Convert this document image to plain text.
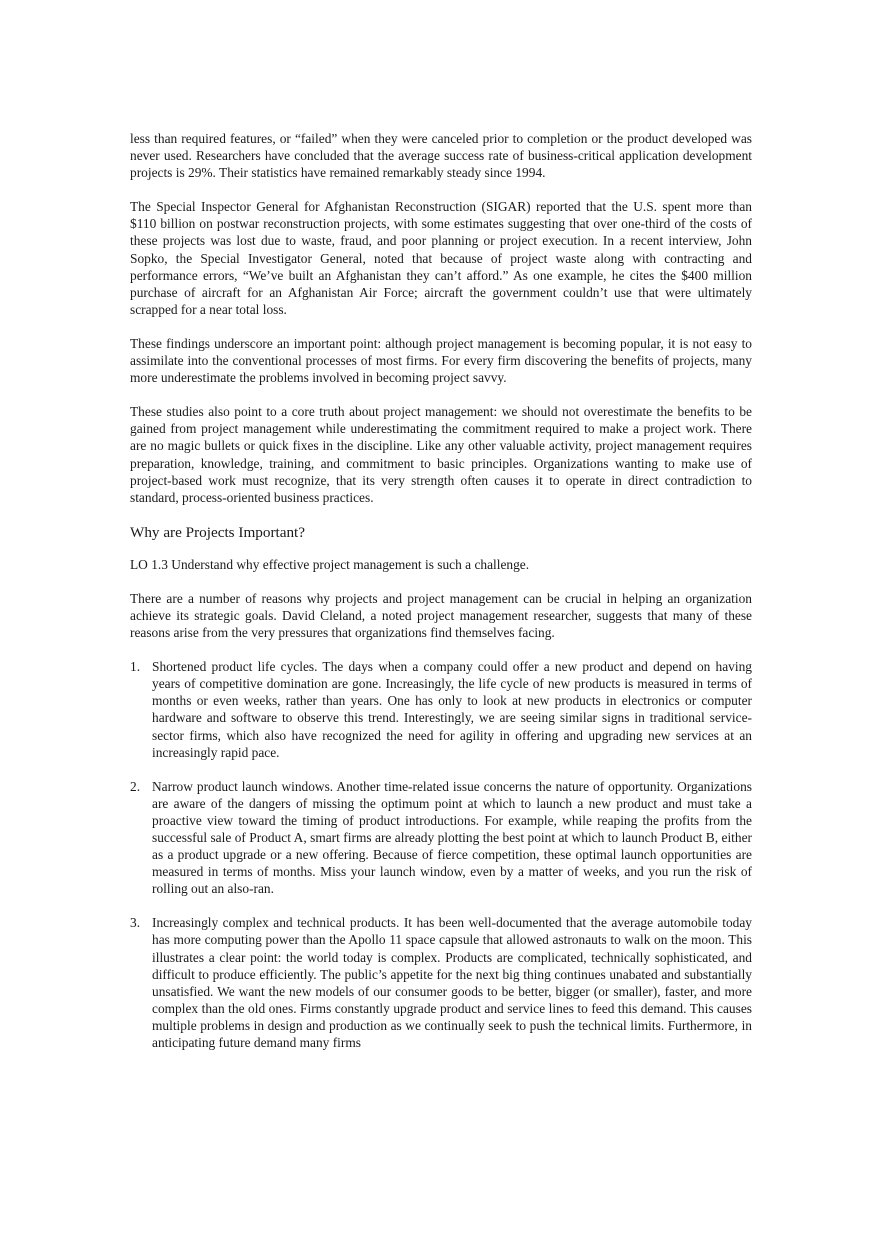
less than required features, or “failed” when they were canceled prior to completion or the product developed was never used. Researchers have concluded that the average success rate of business-critical application development projects is 29%. Their statistics have remained remarkably steady since 1994.

The Special Inspector General for Afghanistan Reconstruction (SIGAR) reported that the U.S. spent more than $110 billion on postwar reconstruction projects, with some estimates suggesting that over one-third of the costs of these projects was lost due to waste, fraud, and poor planning or project execution. In a recent interview, John Sopko, the Special Investigator General, noted that because of project waste along with contracting and performance errors, “We’ve built an Afghanistan they can’t afford.” As one example, he cites the $400 million purchase of aircraft for an Afghanistan Air Force; aircraft the government couldn’t use that were ultimately scrapped for a near total loss.

These findings underscore an important point: although project management is becoming popular, it is not easy to assimilate into the conventional processes of most firms. For every firm discovering the benefits of projects, many more underestimate the problems involved in becoming project savvy.

These studies also point to a core truth about project management: we should not overestimate the benefits to be gained from project management while underestimating the commitment required to make a project work. There are no magic bullets or quick fixes in the discipline. Like any other valuable activity, project management requires preparation, knowledge, training, and commitment to basic principles. Organizations wanting to make use of project-based work must recognize, that its very strength often causes it to operate in direct contradiction to standard, process-oriented business practices.

Why are Projects Important?

LO 1.3 Understand why effective project management is such a challenge.

There are a number of reasons why projects and project management can be crucial in helping an organization achieve its strategic goals. David Cleland, a noted project management researcher, suggests that many of these reasons arise from the very pressures that organizations find themselves facing.

1. Shortened product life cycles. The days when a company could offer a new product and depend on having years of competitive domination are gone. Increasingly, the life cycle of new products is measured in terms of months or even weeks, rather than years. One has only to look at new products in electronics or computer hardware and software to observe this trend. Interestingly, we are seeing similar signs in traditional service-sector firms, which also have recognized the need for agility in offering and upgrading new services at an increasingly rapid pace.
2. Narrow product launch windows. Another time-related issue concerns the nature of opportunity. Organizations are aware of the dangers of missing the optimum point at which to launch a new product and must take a proactive view toward the timing of product introductions. For example, while reaping the profits from the successful sale of Product A, smart firms are already plotting the best point at which to launch Product B, either as a product upgrade or a new offering. Because of fierce competition, these optimal launch opportunities are measured in terms of months. Miss your launch window, even by a matter of weeks, and you run the risk of rolling out an also-ran.
3. Increasingly complex and technical products. It has been well-documented that the average automobile today has more computing power than the Apollo 11 space capsule that allowed astronauts to walk on the moon. This illustrates a clear point: the world today is complex. Products are complicated, technically sophisticated, and difficult to produce efficiently. The public’s appetite for the next big thing continues unabated and substantially unsatisfied. We want the new models of our consumer goods to be better, bigger (or smaller), faster, and more complex than the old ones. Firms constantly upgrade product and service lines to feed this demand. This causes multiple problems in design and production as we continually seek to push the technical limits. Furthermore, in anticipating future demand many firms
